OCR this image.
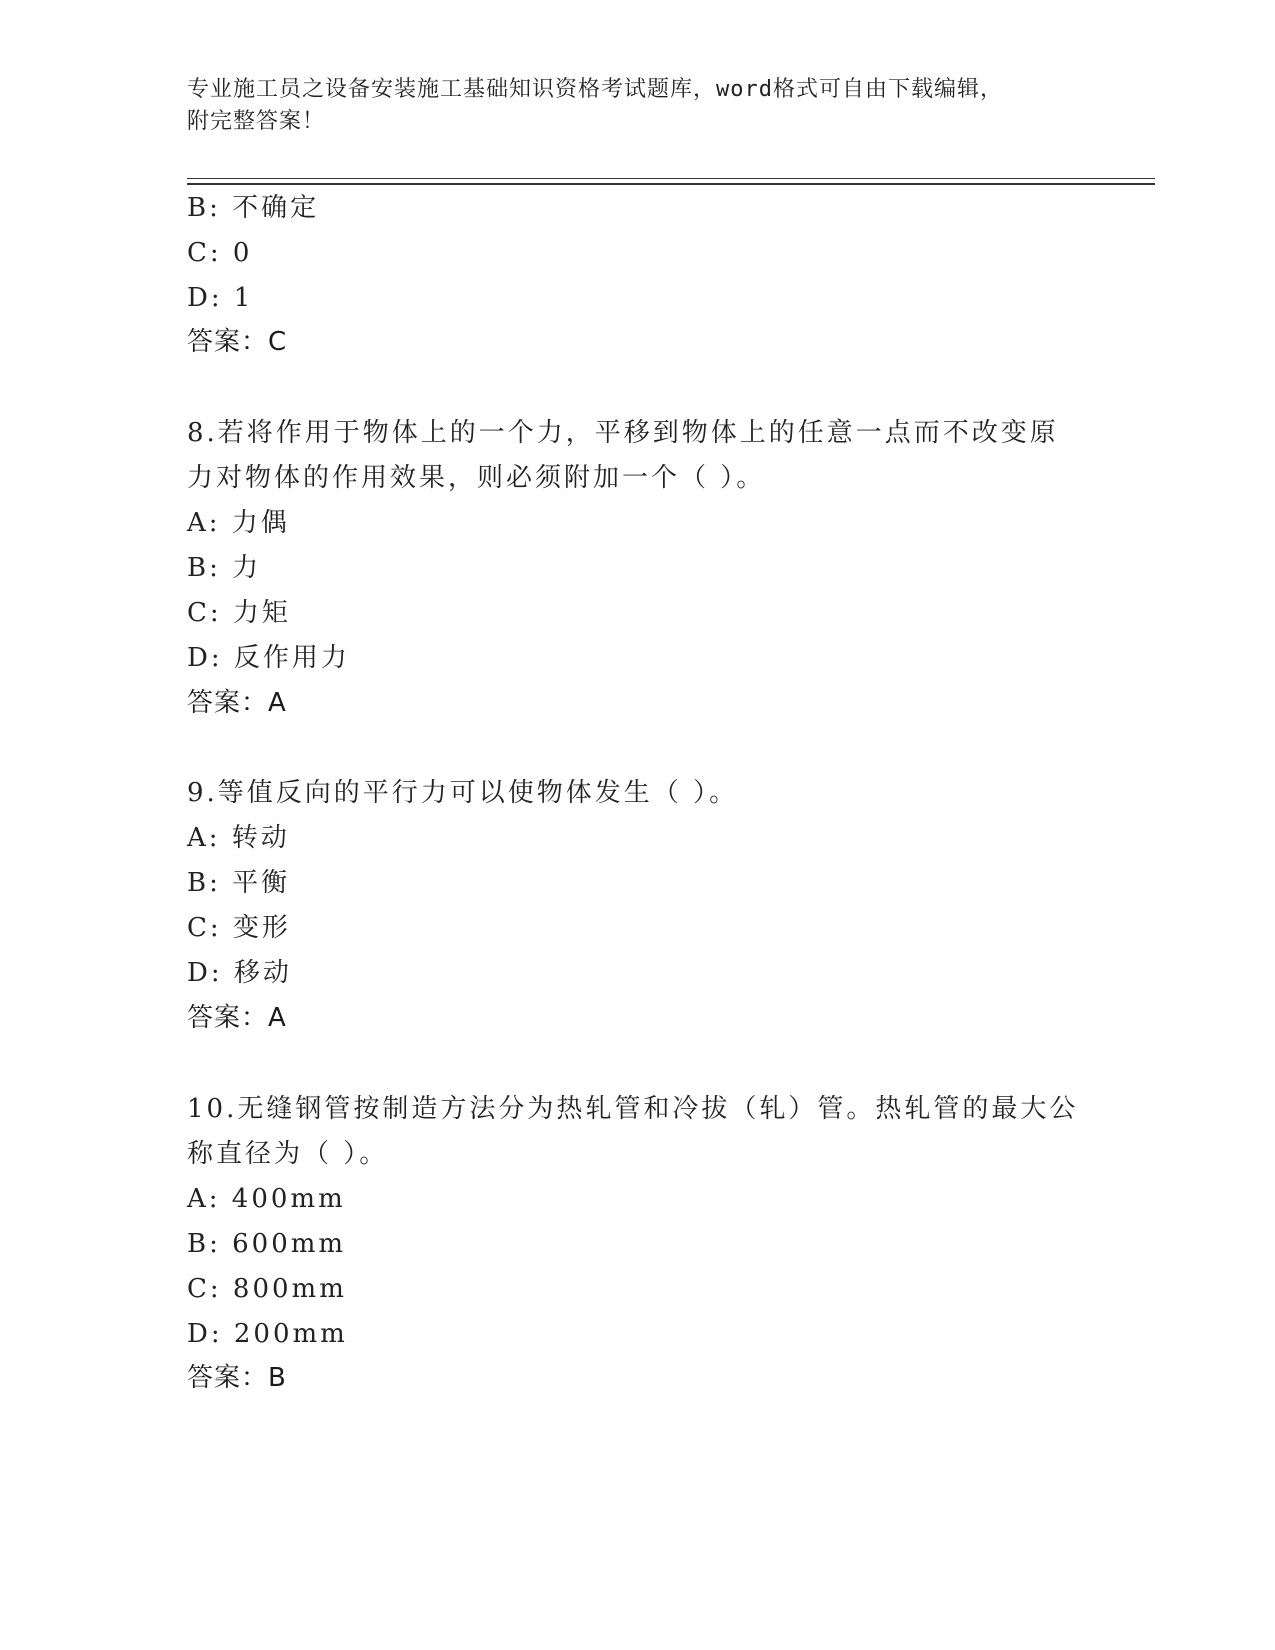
专业施工员之设备安装施工基础知识资格考试题库，word格式可自由下载编辑，
附完整答案！
B: 不确定
C: 0
D: 1
答案：C
8.若将作用于物体上的一个力，平移到物体上的任意一点而不改变原
力对物体的作用效果，则必须附加一个（ ）。
A: 力偶
B: 力
C: 力矩
D: 反作用力
答案：A
9.等值反向的平行力可以使物体发生（ ）。
A: 转动
B: 平衡
C: 变形
D: 移动
答案：A
10.无缝钢管按制造方法分为热轧管和冷拔（轧）管。热轧管的最大公
称直径为（ ）。
A: 400mm
B: 600mm
C: 800mm
D: 200mm
答案：B
